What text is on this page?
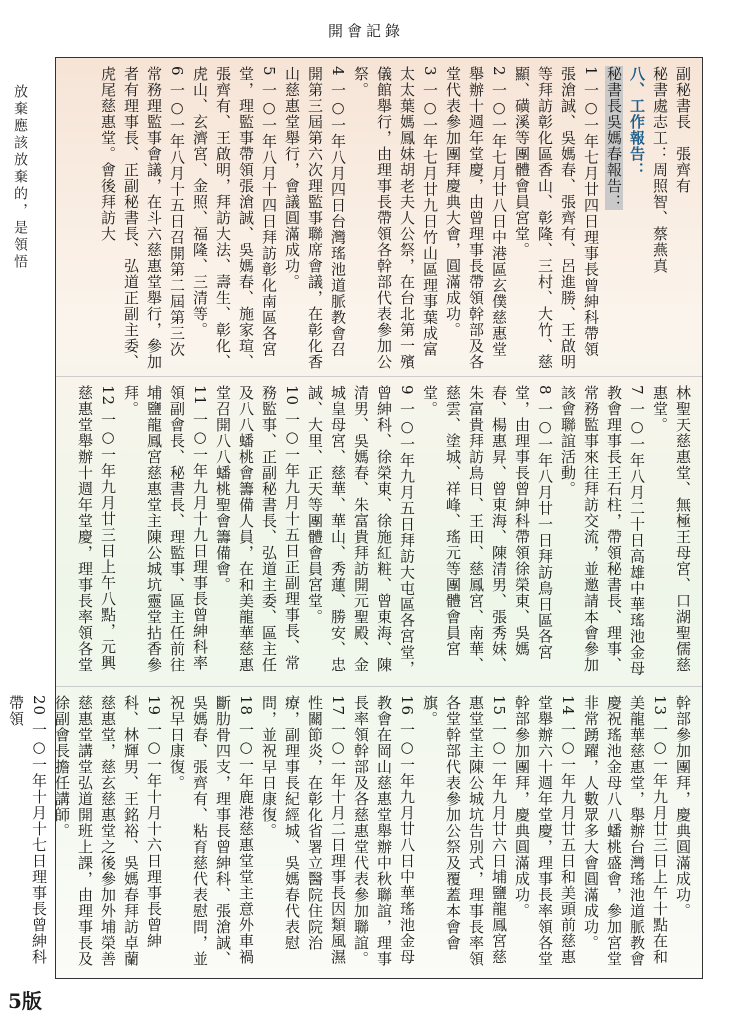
開會記錄
放棄應該放棄的，是領悟	副秘書長　張齊有

秘書處志工：周照智、蔡燕真

八、工作報告：

秘書長吳媽春報告：

1 一○一年七月廿四日理事長曾紳科帶領張滄誠、吳媽春、張齊有、呂進勝、王啟明等拜訪彰化區香山、彰隆、三村、大竹、慈顯、磺溪等團體會員宮堂。

2 一○一年七月廿八日中港區玄僕慈惠堂舉辦十週年堂慶，由曾理事長帶領幹部及各堂代表參加團拜慶典大會，圓滿成功。

3 一○一年七月廿九日竹山區理事葉成富太太葉媽鳳妹胡老夫人公祭，在台北第一殯儀館舉行，由理事長帶領各幹部代表參加公祭。

4 一○一年八月四日台灣瑤池道脈教會召開第三屆第六次理監事聯席會議，在彰化香山慈惠堂舉行，會議圓滿成功。

5 一○一年八月十四日拜訪彰化南區各宮堂，理監事帶領張滄誠、吳媽春、施家瑄、張齊有、王啟明，拜訪大法、壽生、彰化、虎山、玄濟宮、金照、福隆、三清等。

6 一○一年八月十五日召開第二屆第三次常務理監事會議，在斗六慈惠堂舉行，參加者有理事長、正副秘書長、弘道正副主委、虎尾慈惠堂。會後拜訪大

林聖天慈惠堂、無極王母宮、口湖聖儒慈惠堂。

7 一○一年八月二十日高雄中華瑤池金母教會理事長王石柱，帶領秘書長、理事、常務監事來往拜訪交流，並邀請本會參加該會聯誼活動。

8 一○一年八月廿一日拜訪鳥日區各宮堂，由理事長曾紳科帶領徐榮東、吳媽春、楊惠昇、曾東海、陳清男、張秀妹、朱富貴拜訪鳥日、王田、慈鳳宮、南華、慈雲、塗城、祥峰、瑤元等團體會員宮堂。

9 一○一年九月五日拜訪大屯區各宮堂，曾紳科、徐榮東、徐施紅粧、曾東海、陳清男、吳媽春、朱富貴拜訪開元聖殿、金城皇母宮、慈華、華山、秀蓮、勝安、忠誠、大里、正天等團體會員宮堂。

10 一○一年九月十五日正副理事長、常務監事、正副秘書長、弘道主委、區主任及八八蟠桃會籌備人員，在和美龍華慈惠堂召開八八蟠桃聖會籌備會。

11 一○一年九月十九日理事長曾紳科率領副會長、秘書長、理監事、區主任前往埔鹽龍鳳宮慈惠堂主陳公城坑靈堂拈香參拜。

12 一○一年九月廿三日上午八點，元興慈惠堂舉辦十週年堂慶，理事長率領各堂

幹部參加團拜，慶典圓滿成功。

13 一○一年九月廿三日上午十點在和美龍華慈惠堂，舉辦台灣瑤池道脈教會慶祝瑤池金母八八蟠桃盛會，參加宮堂非常踴躍，人數眾多大會圓滿成功。

14 一○一年九月廿五日和美頭前慈惠堂舉辦六十週年堂慶，理事長率領各堂幹部參加團拜，慶典圓滿成功。

15 一○一年九月廿六日埔鹽龍鳳宮慈惠堂堂主陳公城坑告別式，理事長率領各堂幹部代表參加公祭及覆蓋本會會旗。

16 一○一年九月廿八日中華瑤池金母教會在岡山慈惠堂舉辦中秋聯誼，理事長率領幹部及各慈惠堂代表參加聯誼。

17 一○一年十月二日理事長因類風濕性關節炎，在彰化省署立醫院住院治療，副理事長紀經城、吳媽春代表慰問，並祝早日康復。

18 一○一年鹿港慈惠堂堂主意外車禍斷肋骨四支，理事長曾紳科、張滄誠、吳媽春、張齊有、粘育慈代表慰問，並祝早日康復。

19 一○一年十月十六日理事長曾紳科、林輝男、王銘裕、吳媽春拜訪卓蘭慈惠堂，慈玄慈惠堂之後參加外埔榮善慈惠堂講堂弘道開班上課，由理事長及徐副會長擔任講師。

20 一○一年十月十七日理事長曾紳科帶領

5版
